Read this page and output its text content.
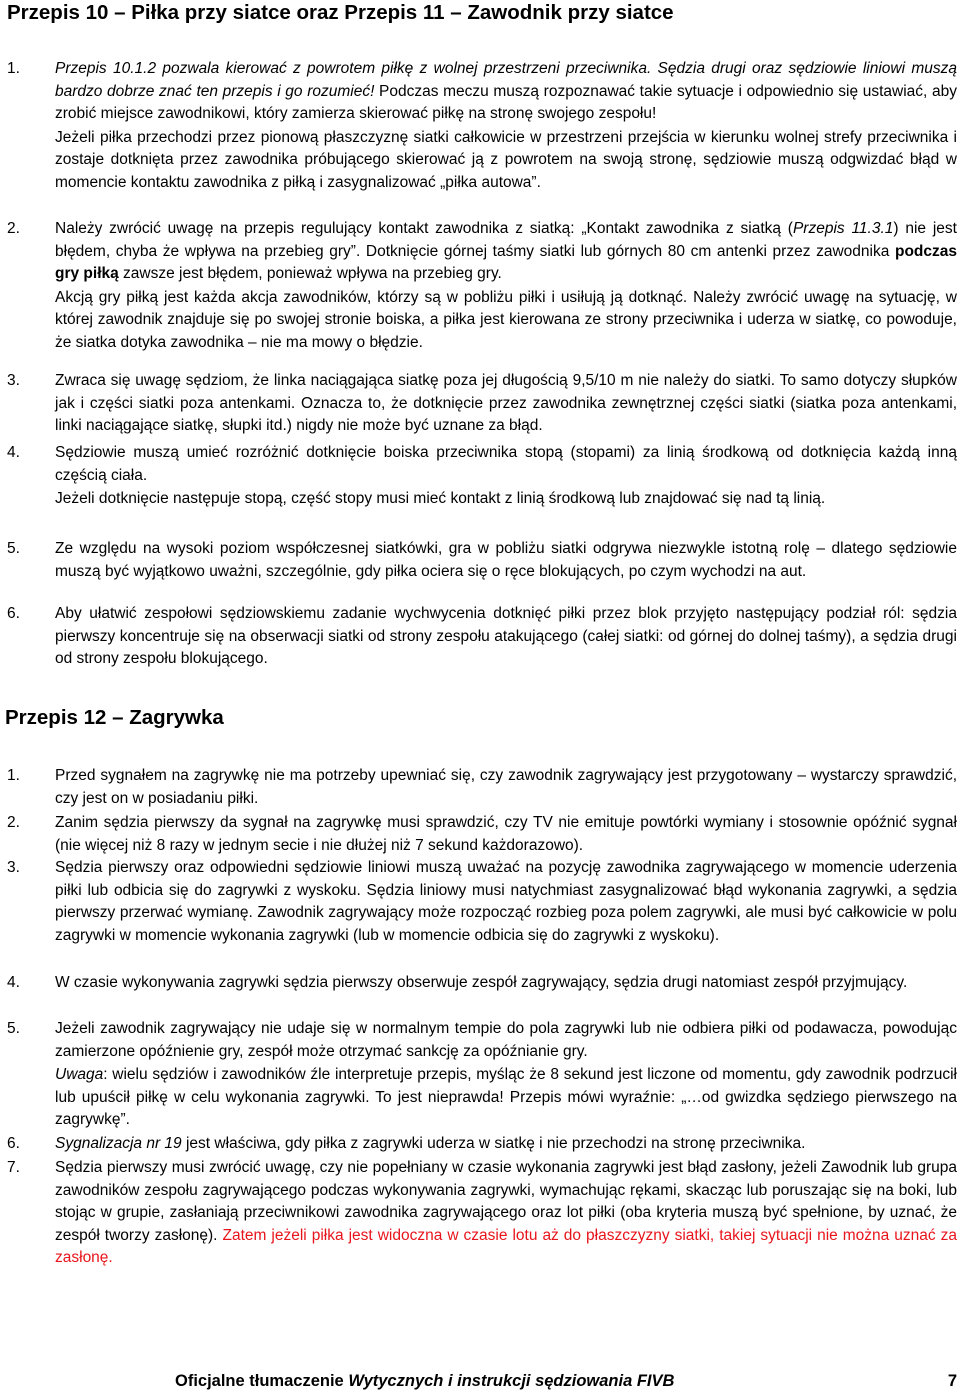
Przepis 10 – Piłka przy siatce oraz Przepis 11 – Zawodnik przy siatce
1.	Przepis 10.1.2 pozwala kierować z powrotem piłkę z wolnej przestrzeni przeciwnika. Sędzia drugi oraz sędziowie liniowi muszą bardzo dobrze znać ten przepis i go rozumieć! Podczas meczu muszą rozpoznawać takie sytuacje i odpowiednio się ustawiać, aby zrobić miejsce zawodnikowi, który zamierza skierować piłkę na stronę swojego zespołu!

Jeżeli piłka przechodzi przez pionową płaszczyznę siatki całkowicie w przestrzeni przejścia w kierunku wolnej strefy przeciwnika i zostaje dotknięta przez zawodnika próbującego skierować ją z powrotem na swoją stronę, sędziowie muszą odgwizdać błąd w momencie kontaktu zawodnika z piłką i zasygnalizować „piłka autowa”.

2.	Należy zwrócić uwagę na przepis regulujący kontakt zawodnika z siatką: „Kontakt zawodnika z siatką (Przepis 11.3.1) nie jest błędem, chyba że wpływa na przebieg gry”. Dotknięcie górnej taśmy siatki lub górnych 80 cm antenki przez zawodnika podczas gry piłką zawsze jest błędem, ponieważ wpływa na przebieg gry.

Akcją gry piłką jest każda akcja zawodników, którzy są w pobliżu piłki i usiłują ją dotknąć. Należy zwrócić uwagę na sytuację, w której zawodnik znajduje się po swojej stronie boiska, a piłka jest kierowana ze strony przeciwnika i uderza w siatkę, co powoduje, że siatka dotyka zawodnika – nie ma mowy o błędzie.

3.	Zwraca się uwagę sędziom, że linka naciągająca siatkę poza jej długością 9,5/10 m nie należy do siatki. To samo dotyczy słupków jak i części siatki poza antenkami. Oznacza to, że dotknięcie przez zawodnika zewnętrznej części siatki (siatka poza antenkami, linki naciągające siatkę, słupki itd.) nigdy nie może być uznane za błąd.

4.	Sędziowie muszą umieć rozróżnić dotknięcie boiska przeciwnika stopą (stopami) za linią środkową od dotknięcia każdą inną częścią ciała.

Jeżeli dotknięcie następuje stopą, część stopy musi mieć kontakt z linią środkową lub znajdować się nad tą linią.

5.	Ze względu na wysoki poziom współczesnej siatkówki, gra w pobliżu siatki odgrywa niezwykle istotną rolę – dlatego sędziowie muszą być wyjątkowo uważni, szczególnie, gdy piłka ociera się o ręce blokujących, po czym wychodzi na aut.

6.	Aby ułatwić zespołowi sędziowskiemu zadanie wychwycenia dotknięć piłki przez blok przyjęto następujący podział ról: sędzia pierwszy koncentruje się na obserwacji siatki od strony zespołu atakującego (całej siatki: od górnej do dolnej taśmy), a sędzia drugi od strony zespołu blokującego.

Przepis 12 – Zagrywka
1.	Przed sygnałem na zagrywkę nie ma potrzeby upewniać się, czy zawodnik zagrywający jest przygotowany – wystarczy sprawdzić, czy jest on w posiadaniu piłki.

2.	Zanim sędzia pierwszy da sygnał na zagrywkę musi sprawdzić, czy TV nie emituje powtórki wymiany i stosownie opóźnić sygnał (nie więcej niż 8 razy w jednym secie i nie dłużej niż 7 sekund każdorazowo).

3.	Sędzia pierwszy oraz odpowiedni sędziowie liniowi muszą uważać na pozycję zawodnika zagrywającego w momencie uderzenia piłki lub odbicia się do zagrywki z wyskoku. Sędzia liniowy musi natychmiast zasygnalizować błąd wykonania zagrywki, a sędzia pierwszy przerwać wymianę. Zawodnik zagrywający może rozpocząć rozbieg poza polem zagrywki, ale musi być całkowicie w polu zagrywki w momencie wykonania zagrywki (lub w momencie odbicia się do zagrywki z wyskoku).

4.	W czasie wykonywania zagrywki sędzia pierwszy obserwuje zespół zagrywający, sędzia drugi natomiast zespół przyjmujący.

5.	Jeżeli zawodnik zagrywający nie udaje się w normalnym tempie do pola zagrywki lub nie odbiera piłki od podawacza, powodując zamierzone opóźnienie gry, zespół może otrzymać sankcję za opóźnianie gry.

Uwaga: wielu sędziów i zawodników źle interpretuje przepis, myśląc że 8 sekund jest liczone od momentu, gdy zawodnik podrzucił lub upuścił piłkę w celu wykonania zagrywki. To jest nieprawda! Przepis mówi wyraźnie: „…od gwizdka sędziego pierwszego na zagrywkę”.

6.	Sygnalizacja nr 19 jest właściwa, gdy piłka z zagrywki uderza w siatkę i nie przechodzi na stronę przeciwnika.

7.	Sędzia pierwszy musi zwrócić uwagę, czy nie popełniany w czasie wykonania zagrywki jest błąd zasłony, jeżeli Zawodnik lub grupa zawodników zespołu zagrywającego podczas wykonywania zagrywki, wymachując rękami, skacząc lub poruszając się na boki, lub stojąc w grupie, zasłaniają przeciwnikowi zawodnika zagrywającego oraz lot piłki (oba kryteria muszą być spełnione, by uznać, że zespół tworzy zasłonę). Zatem jeżeli piłka jest widoczna w czasie lotu aż do płaszczyzny siatki, takiej sytuacji nie można uznać za zasłonę.

Oficjalne tłumaczenie Wytycznych i instrukcji sędziowania FIVB	7
